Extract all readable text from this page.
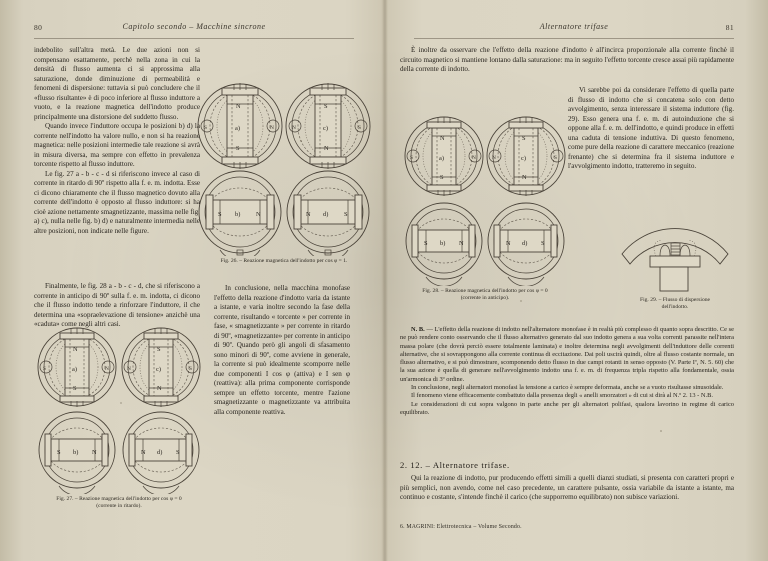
80	Capitolo secondo – Macchine sincrone

indebolito sull'altra metà. Le due azioni non si compensano esattamente, perchè nella zona in cui la densità di flusso aumenta ci si approssima alla saturazione, donde diminuzione di permeabilità e fenomeni di dispersione: tuttavia si può concludere che il «flusso risultante» è di poco inferiore al flusso induttore a vuoto, e la reazione magnetica dell'indotto produce principalmente una distorsione del suddetto flusso.

Quando invece l'induttore occupa le posizioni b) d) la corrente nell'indotto ha valore nullo, e non si ha reazione magnetica: nelle posizioni intermedie tale reazione si avrà in misura diversa, ma sempre con effetto in prevalenza torcente rispetto al flusso induttore.

Le fig. 27 a - b - c - d si riferiscono invece al caso di corrente in ritardo di 90º rispetto alla f. e. m. indotta. Esse ci dicono chiaramente che il flusso magnetico dovuto alla corrente dell'indotto è opposto al flusso induttore: si ha cioè azione nettamente smagnetizzante, massima nelle fig. a) c), nulla nelle fig. b) d) e naturalmente intermedia nelle altre posizioni, non indicate nelle figure.

Finalmente, le fig. 28 a - b - c - d, che si riferiscono a corrente in anticipo di 90º sulla f. e. m. indotta, ci dicono che il flusso indotto tende a rinforzare l'induttore, il che determina una «sopraelevazione di tensione» anzichè una «caduta» come negli altri casi.

In conclusione, nella macchina monofase l'effetto della reazione d'indotto varia da istante a istante, e varia inoltre secondo la fase della corrente, risultando « torcente » per corrente in fase, « smagnetizzante » per corrente in ritardo di 90º, «magnetizzante» per corrente in anticipo di 90º. Quando però gli angoli di sfasamento sono minori di 90º, come avviene in generale, la corrente si può idealmente scomporre nelle due componenti I cos φ (attiva) e I sen φ (reattiva): alla prima componente corrisponde sempre un effetto torcente, mentre l'azione smagnetizzante o magnetizzante va attribuita alla componente reattiva.

N
S
a)
S	N
S
N
c)
N	S
S	N
b)	N	S
d)
Fig. 26. – Reazione magnetica dell'indotto per cos φ = 1.
N
S
a)
S	N
S
N
c)
N	S
S	N
b)	N	S
d)
Fig. 27. – Reazione magnetica dell'indotto per cos φ = 0
(corrente in ritardo).
Alternatore trifase	81

È inoltre da osservare che l'effetto della reazione d'indotto è all'incirca proporzionale alla corrente finchè il circuito magnetico si mantiene lontano dalla saturazione: ma in seguito l'effetto torcente cresce assai più rapidamente della corrente di indotto.

Vi sarebbe poi da considerare l'effetto di quella parte di flusso di indotto che si concatena solo con detto avvolgimento, senza interessare il sistema induttore (fig. 29). Esso genera una f. e. m. di autoinduzione che si oppone alla f. e. m. dell'indotto, e quindi produce in effetti una caduta di tensione induttiva. Di questo fenomeno, come pure della reazione di carattere meccanico (reazione frenante) che si determina fra il sistema induttore e l'avvolgimento indotto, tratteremo in seguito.

N
S
a)
S	N
S
N
c)
N	S
S	N
b)	N	S
d)
Fig. 28. – Reazione magnetica dell'indotto per cos φ = 0
(corrente in anticipo).	Fig. 29. – Flusso di dispersione
dell'indotto.

N. B. — L'effetto della reazione di indotto nell'alternatore monofase è in realtà più complesso di quanto sopra descritto. Ce se ne può rendere conto osservando che il flusso alternativo generato dal suo indotto genera a sua volta correnti parassite nell'intera massa polare (che dovrà perciò essere totalmente laminata) e inoltre determina negli avvolgimenti dell'induttore delle correnti alternative, che si sovrappongono alla corrente continua di eccitazione. Dai poli uscirà quindi, oltre al flusso costante normale, un flusso alternativo, e si può dimostrare, scomponendo detto flusso in due campi rotanti in senso opposto (V. Parte Iª, N. 5. 60) che la sua azione è quella di generare nell'avvolgimento indotto una f. e. m. di frequenza tripla rispetto alla fondamentale, ossia un'armonica di 3º ordine.

In conclusione, negli alternatori monofasi la tensione a carico è sempre deformata, anche se a vuoto risultasse sinusoidale.

Il fenomeno viene efficacemente combattuto dalla presenza degli « anelli smorzatori » di cui si dirà al N.º 2. 13 - N.B.

Le considerazioni di cui sopra valgono in parte anche per gli alternatori polifasi, qualora lavorino in regime di carico equilibrato.

2. 12. – Alternatore trifase.

Qui la reazione di indotto, pur producendo effetti simili a quelli dianzi studiati, si presenta con caratteri propri e più semplici, non avendo, come nel caso precedente, un carattere pulsante, ossia variabile da istante a istante, ma continuo e costante, s'intende finchè il carico (che supporremo equilibrato) non subisce variazioni.

6. MAGRINI: Elettrotecnica – Volume Secondo.
